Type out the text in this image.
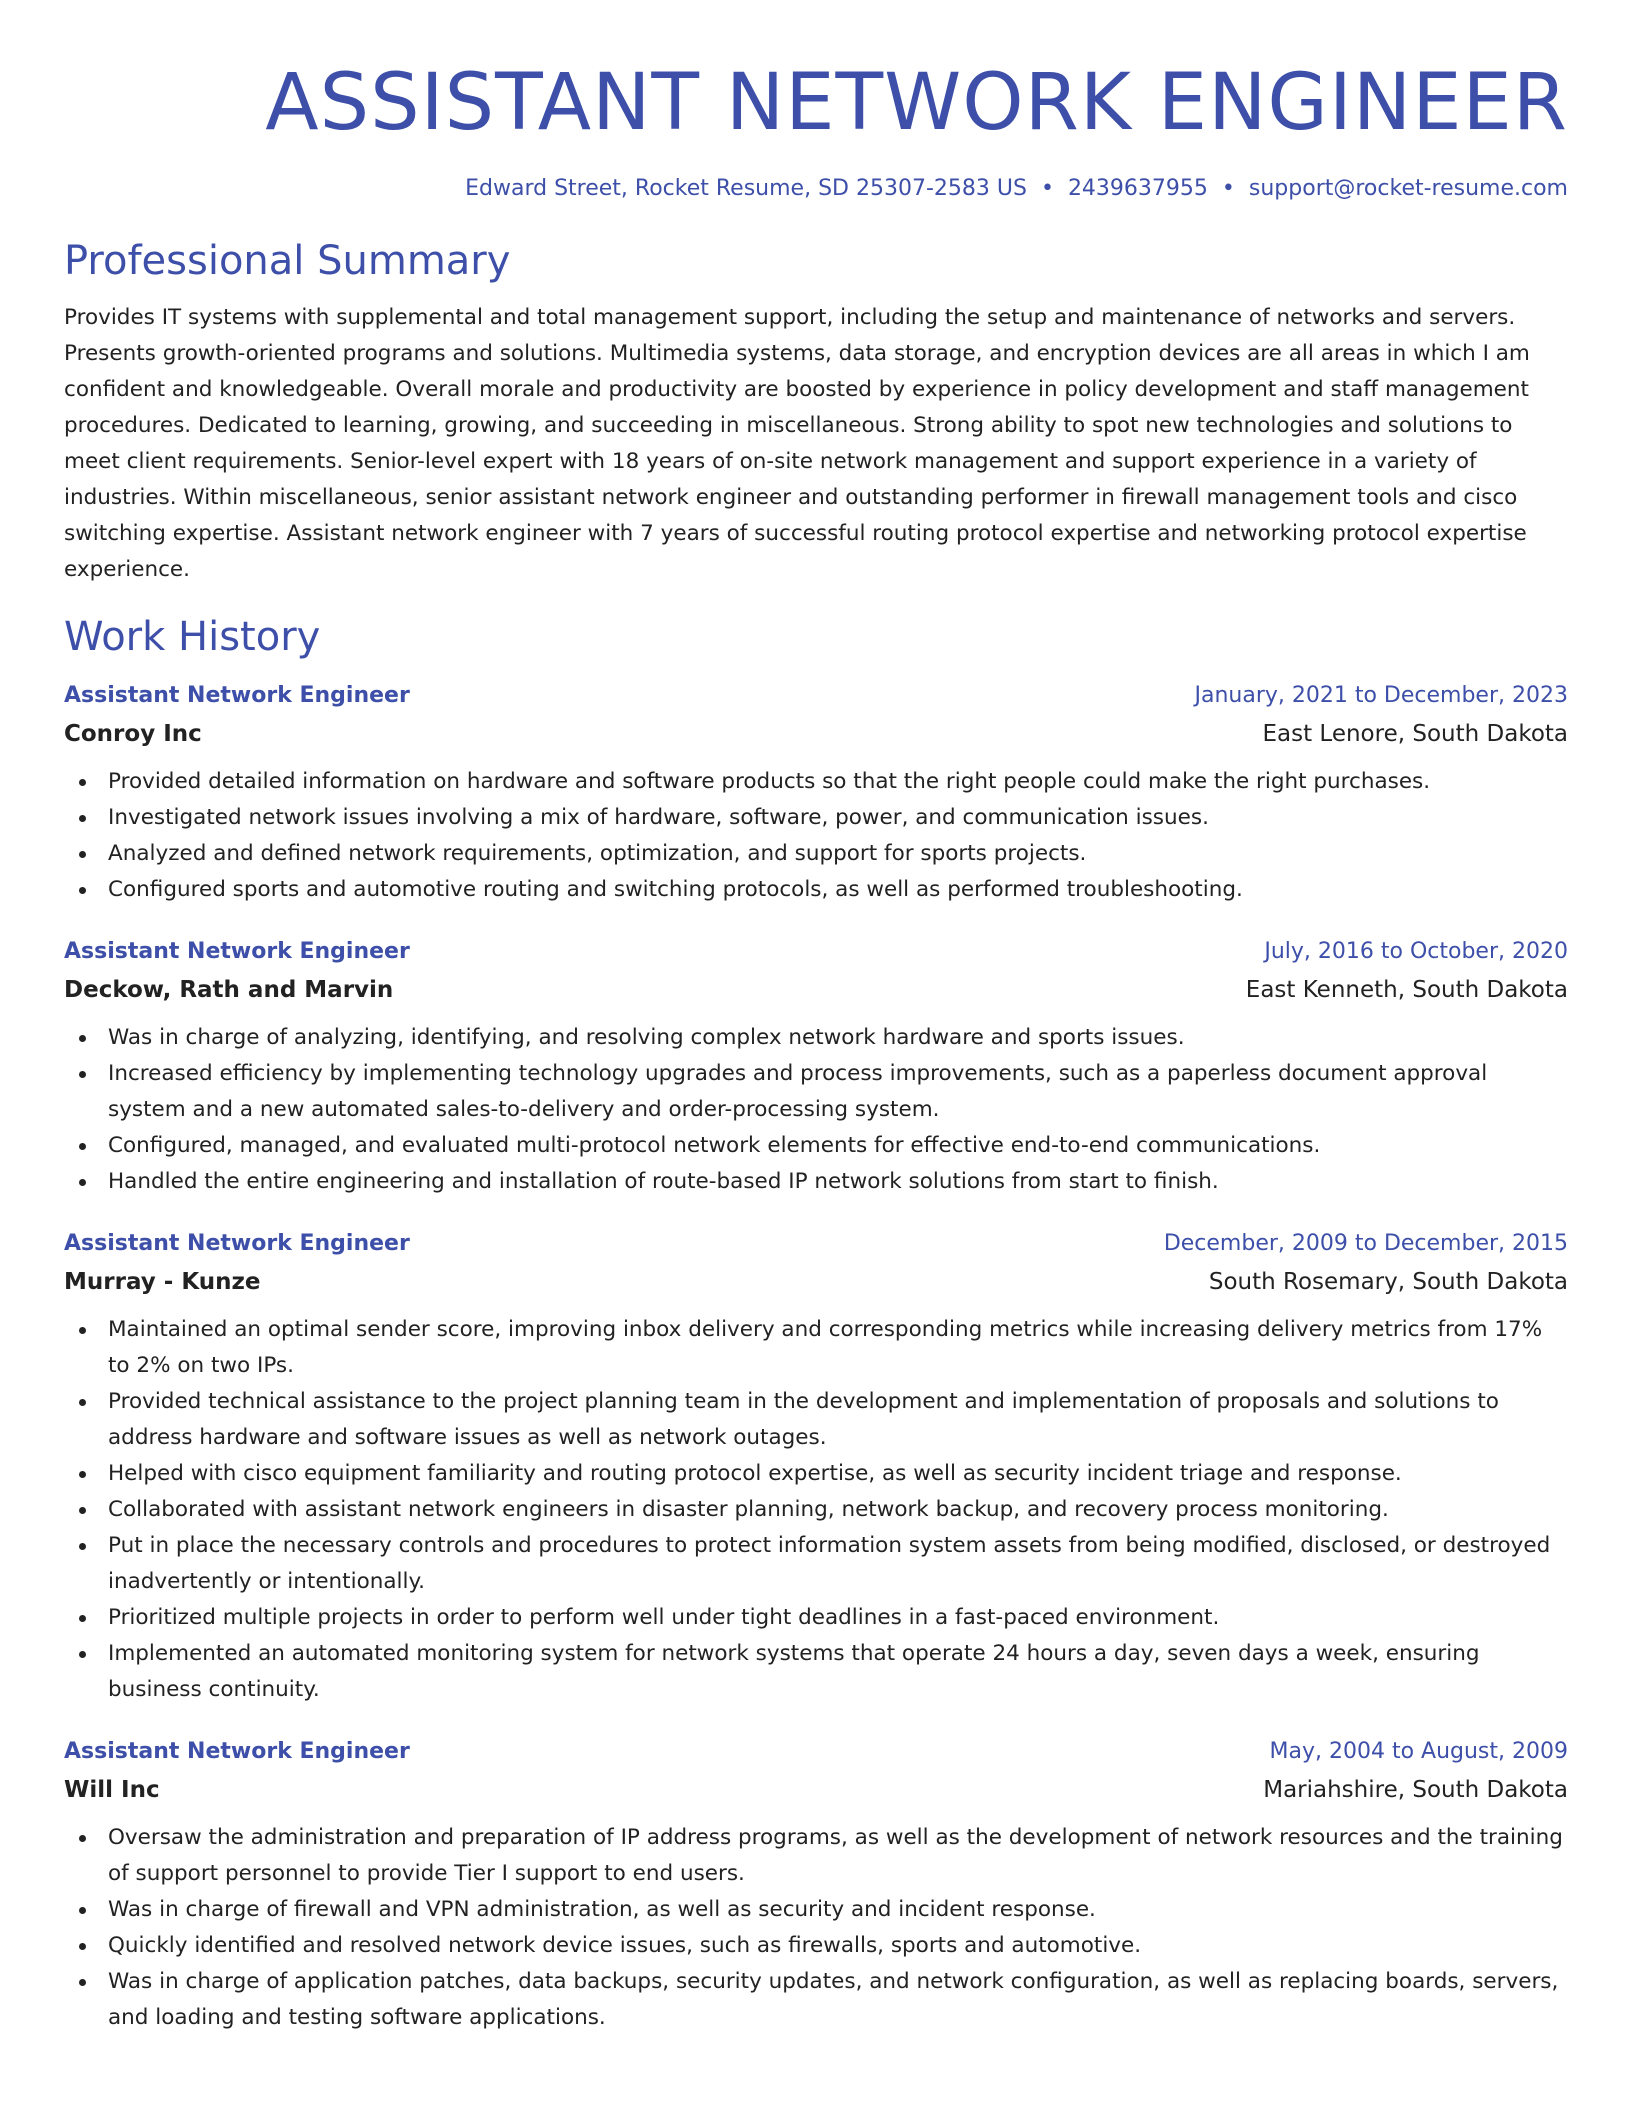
ASSISTANT NETWORK ENGINEER
Edward Street, Rocket Resume, SD 25307-2583 US • 2439637955 • support@rocket-resume.com
Professional Summary

Provides IT systems with supplemental and total management support, including the setup and maintenance of networks and servers. Presents growth-oriented programs and solutions. Multimedia systems, data storage, and encryption devices are all areas in which I am confident and knowledgeable. Overall morale and productivity are boosted by experience in policy development and staff management procedures. Dedicated to learning, growing, and succeeding in miscellaneous. Strong ability to spot new technologies and solutions to meet client requirements. Senior-level expert with 18 years of on-site network management and support experience in a variety of industries. Within miscellaneous, senior assistant network engineer and outstanding performer in firewall management tools and cisco switching expertise. Assistant network engineer with 7 years of successful routing protocol expertise and networking protocol expertise experience.

Work History
Assistant Network Engineer	January, 2021 to December, 2023
Conroy Inc	East Lenore, South Dakota
Provided detailed information on hardware and software products so that the right people could make the right purchases.
Investigated network issues involving a mix of hardware, software, power, and communication issues.
Analyzed and defined network requirements, optimization, and support for sports projects.
Configured sports and automotive routing and switching protocols, as well as performed troubleshooting.
Assistant Network Engineer	July, 2016 to October, 2020
Deckow, Rath and Marvin	East Kenneth, South Dakota
Was in charge of analyzing, identifying, and resolving complex network hardware and sports issues.
Increased efficiency by implementing technology upgrades and process improvements, such as a paperless document approval system and a new automated sales-to-delivery and order-processing system.
Configured, managed, and evaluated multi-protocol network elements for effective end-to-end communications.
Handled the entire engineering and installation of route-based IP network solutions from start to finish.
Assistant Network Engineer	December, 2009 to December, 2015
Murray - Kunze	South Rosemary, South Dakota
Maintained an optimal sender score, improving inbox delivery and corresponding metrics while increasing delivery metrics from 17% to 2% on two IPs.
Provided technical assistance to the project planning team in the development and implementation of proposals and solutions to address hardware and software issues as well as network outages.
Helped with cisco equipment familiarity and routing protocol expertise, as well as security incident triage and response.
Collaborated with assistant network engineers in disaster planning, network backup, and recovery process monitoring.
Put in place the necessary controls and procedures to protect information system assets from being modified, disclosed, or destroyed inadvertently or intentionally.
Prioritized multiple projects in order to perform well under tight deadlines in a fast-paced environment.
Implemented an automated monitoring system for network systems that operate 24 hours a day, seven days a week, ensuring business continuity.
Assistant Network Engineer	May, 2004 to August, 2009
Will Inc	Mariahshire, South Dakota
Oversaw the administration and preparation of IP address programs, as well as the development of network resources and the training of support personnel to provide Tier I support to end users.
Was in charge of firewall and VPN administration, as well as security and incident response.
Quickly identified and resolved network device issues, such as firewalls, sports and automotive.
Was in charge of application patches, data backups, security updates, and network configuration, as well as replacing boards, servers, and loading and testing software applications.
